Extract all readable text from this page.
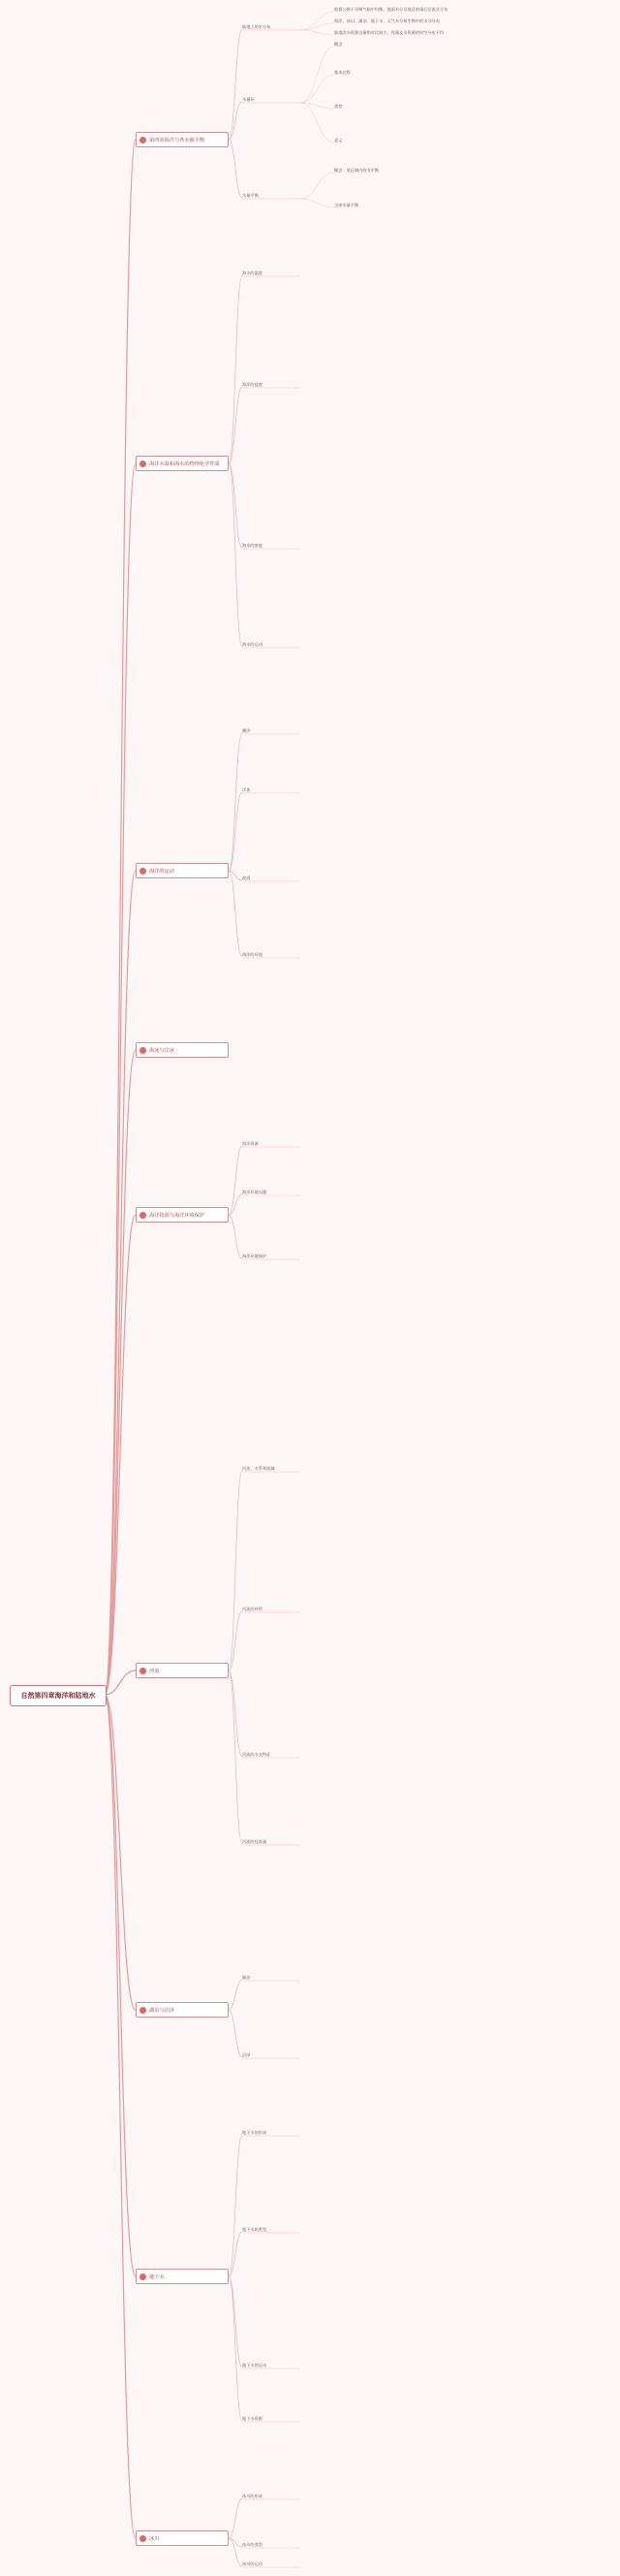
自然第四章海洋和陆地水
第四章海洋与各水圈平衡
陆地上的水分布
根据公路干旱期气候中均衡，地面水分及地区的雨后径流式分布
海洋、冰川、湖泊、地下水、大气水分和生物中的水分分布
陆地淡水资源含量相对比较少，有量及水资源的时空分布不均
水循环
概念
基本过程
类型
意义
水量平衡
概念：某区域内收支平衡
全球水量平衡
海洋水温和海水的物理化学性质
海水的温度
海洋的盐度
海水的密度
海水的运动
海洋的运动
潮汐
洋流
波浪
海洋的环流
海洋资源与海洋环境保护
海洋资源
海洋环境问题
海洋环境保护
海冰与岸冰
河流
河流、水系和流域
河流的补给
河流的水文特征
河流的径流量
湖泊与沼泽
湖泊
沼泽
地下水
地下水的形成
地下水的类型
地下水的运动
地下水资源
冰川
冰川的形成
冰川的类型
冰川的运动
